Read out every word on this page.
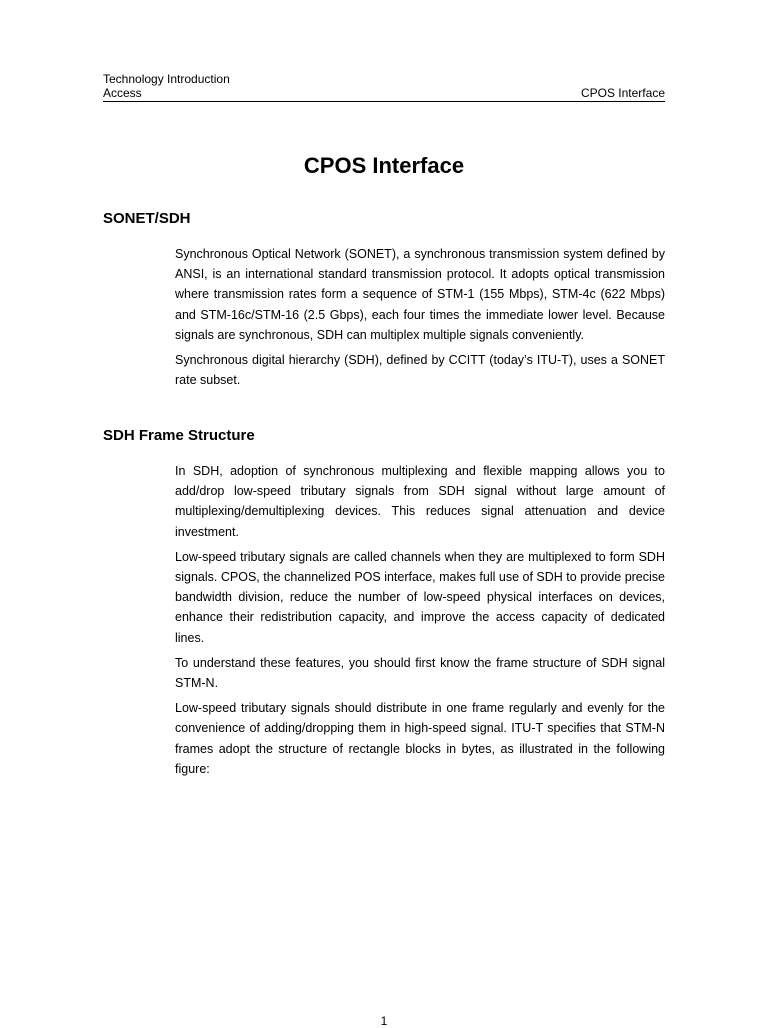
Technology Introduction
Access	CPOS Interface
CPOS Interface
SONET/SDH

Synchronous Optical Network (SONET), a synchronous transmission system defined by ANSI, is an international standard transmission protocol. It adopts optical transmission where transmission rates form a sequence of STM-1 (155 Mbps), STM-4c (622 Mbps) and STM-16c/STM-16 (2.5 Gbps), each four times the immediate lower level. Because signals are synchronous, SDH can multiplex multiple signals conveniently.

Synchronous digital hierarchy (SDH), defined by CCITT (today’s ITU-T), uses a SONET rate subset.

SDH Frame Structure

In SDH, adoption of synchronous multiplexing and flexible mapping allows you to add/drop low-speed tributary signals from SDH signal without large amount of multiplexing/demultiplexing devices. This reduces signal attenuation and device investment.

Low-speed tributary signals are called channels when they are multiplexed to form SDH signals. CPOS, the channelized POS interface, makes full use of SDH to provide precise bandwidth division, reduce the number of low-speed physical interfaces on devices, enhance their redistribution capacity, and improve the access capacity of dedicated lines.

To understand these features, you should first know the frame structure of SDH signal STM-N.

Low-speed tributary signals should distribute in one frame regularly and evenly for the convenience of adding/dropping them in high-speed signal. ITU-T specifies that STM-N frames adopt the structure of rectangle blocks in bytes, as illustrated in the following figure:

1
